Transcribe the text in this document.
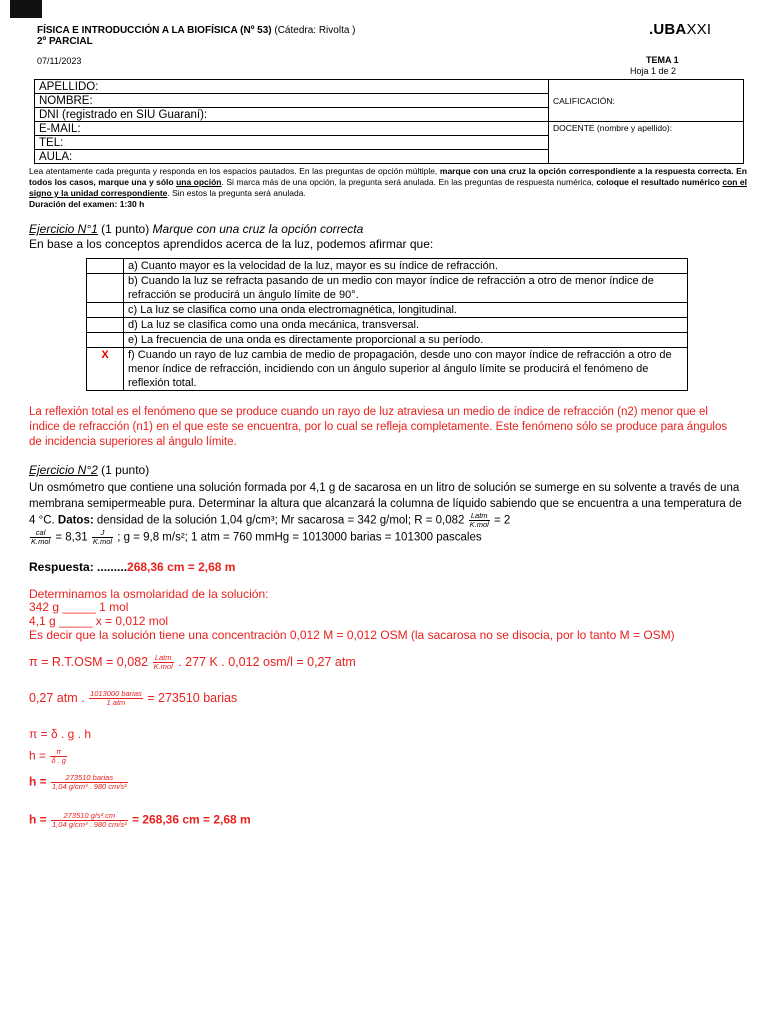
FÍSICA E INTRODUCCIÓN A LA BIOFÍSICA (Nº 53) (Cátedra: Rivolta )
2º PARCIAL
07/11/2023
.UBAXXI
TEMA 1
Hoja 1 de 2
APELLIDO:	CALIFICACIÓN:
NOMBRE:	
DNI (registrado en SIU Guaraní):	
E-MAIL:	DOCENTE (nombre y apellido):
TEL:	
AULA:	
Lea atentamente cada pregunta y responda en los espacios pautados. En las preguntas de opción múltiple, marque con una cruz la opción correspondiente a la respuesta correcta. En todos los casos, marque una y sólo una opción. Si marca más de una opción, la pregunta será anulada. En las preguntas de respuesta numérica, coloque el resultado numérico con el signo y la unidad correspondiente. Sin estos la pregunta será anulada.
Duración del examen: 1:30 h
Ejercicio N°1 (1 punto) Marque con una cruz la opción correcta
En base a los conceptos aprendidos acerca de la luz, podemos afirmar que:
	a) Cuanto mayor es la velocidad de la luz, mayor es su índice de refracción.
	b) Cuando la luz se refracta pasando de un medio con mayor índice de refracción a otro de menor índice de refracción se producirá un ángulo límite de 90°.
	c) La luz se clasifica como una onda electromagnética, longitudinal.
	d) La luz se clasifica como una onda mecánica, transversal.
	e) La frecuencia de una onda es directamente proporcional a su período.
X	f) Cuando un rayo de luz cambia de medio de propagación, desde uno con mayor índice de refracción a otro de menor índice de refracción, incidiendo con un ángulo superior al ángulo límite se producirá el fenómeno de reflexión total.
La reflexión total es el fenómeno que se produce cuando un rayo de luz atraviesa un medio de índice de refracción (n2) menor que el índice de refracción (n1) en el que este se encuentra, por lo cual se refleja completamente. Este fenómeno sólo se produce para ángulos de incidencia superiores al ángulo límite.
Ejercicio N°2 (1 punto)
Un osmómetro que contiene una solución formada por 4,1 g de sacarosa en un litro de solución se sumerge en su solvente a través de una membrana semipermeable pura. Determinar la altura que alcanzará la columna de líquido sabiendo que se encuentra a una temperatura de 4 °C. Datos: densidad de la solución 1,04 g/cm³; Mr sacarosa = 342 g/mol; $R = 0,082 \frac{\text{Latm}}{\text{K.mol}} = 2$

$\frac{\text{cal}}{\text{K.mol}} = 8,31 \frac{J}{\text{K.mol}}$ ; g = 9,8 m/s²; 1 atm = 760 mmHg = 1013000 barias = 101300 pascales
Respuesta: .........268,36 cm = 2,68 m
Determinamos la osmolaridad de la solución:
342 g _____ 1 mol
4,1 g _____ x = 0,012 mol
Es decir que la solución tiene una concentración 0,012 M = 0,012 OSM (la sacarosa no se disocia, por lo tanto M = OSM)
$\pi = R.T.OSM = 0,082 \frac{\text{Latm}}{\text{K.mol}}$ . 277 K . 0,012 osm/l = 0,27 atm
0,27 atm . $\frac{\text{1013000 barias}}{\text{1 atm}} = 273510$ barias
π = δ . g . h
$h = \frac{\pi}{\delta . g}$
$h = \frac{\text{273510 barias}}{\text{1,04 g/cm³ . 980 cm/s²}}$
$h = \frac{\text{273510 g/s².cm}}{\text{1,04 g/cm³ . 980 cm/s²}} = 268,36$ cm = 2,68 m
